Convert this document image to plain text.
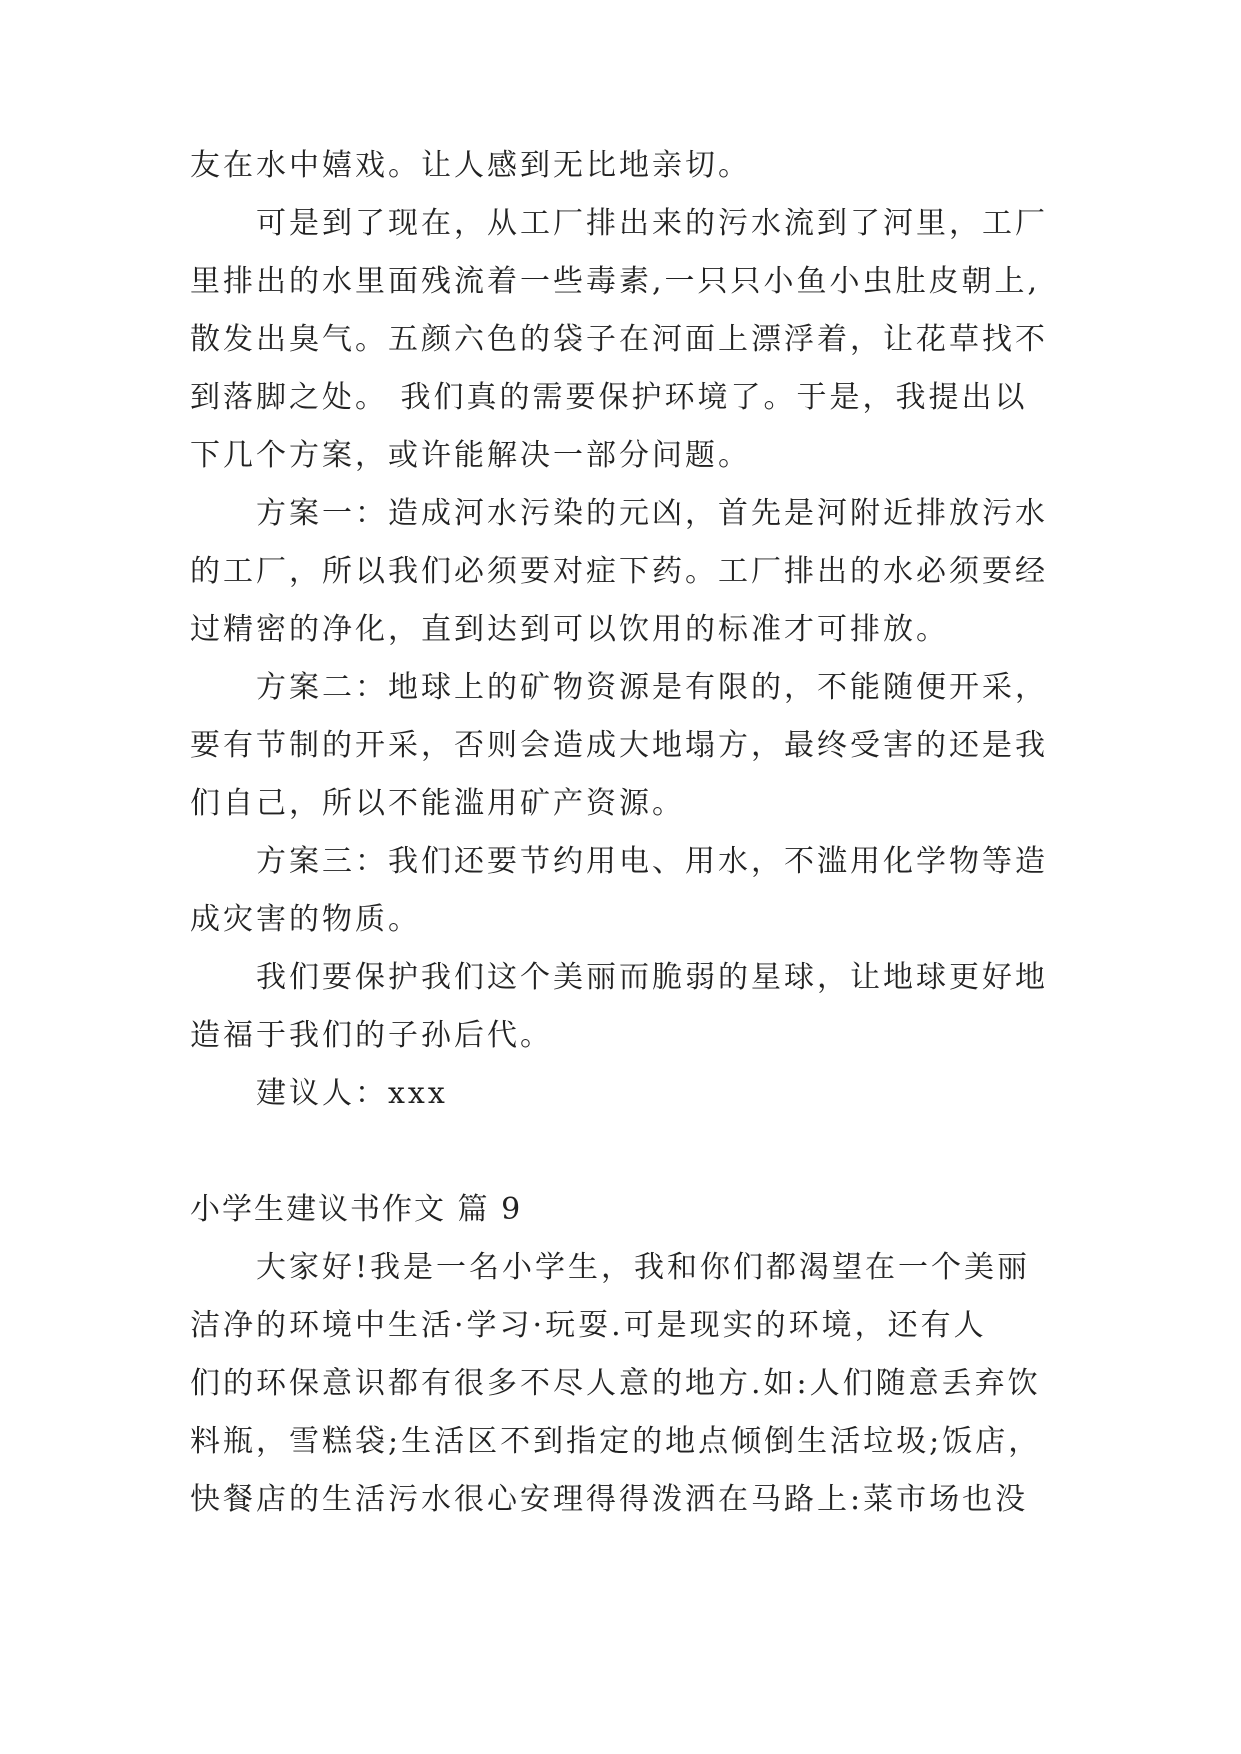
友在水中嬉戏。让人感到无比地亲切。
可是到了现在，从工厂排出来的污水流到了河里，工厂
里排出的水里面残流着一些毒素,一只只小鱼小虫肚皮朝上,
散发出臭气。五颜六色的袋子在河面上漂浮着，让花草找不
到落脚之处。 我们真的需要保护环境了。于是，我提出以
下几个方案，或许能解决一部分问题。
方案一：造成河水污染的元凶，首先是河附近排放污水
的工厂，所以我们必须要对症下药。工厂排出的水必须要经
过精密的净化，直到达到可以饮用的标准才可排放。
方案二：地球上的矿物资源是有限的，不能随便开采，
要有节制的开采，否则会造成大地塌方，最终受害的还是我
们自己，所以不能滥用矿产资源。
方案三：我们还要节约用电、用水，不滥用化学物等造
成灾害的物质。
我们要保护我们这个美丽而脆弱的星球，让地球更好地
造福于我们的子孙后代。
建议人：xxx
小学生建议书作文 篇 9
大家好!我是一名小学生，我和你们都渴望在一个美丽
洁净的环境中生活·学习·玩耍.可是现实的环境，还有人
们的环保意识都有很多不尽人意的地方.如:人们随意丢弃饮
料瓶，雪糕袋;生活区不到指定的地点倾倒生活垃圾;饭店，
快餐店的生活污水很心安理得得泼洒在马路上:菜市场也没
